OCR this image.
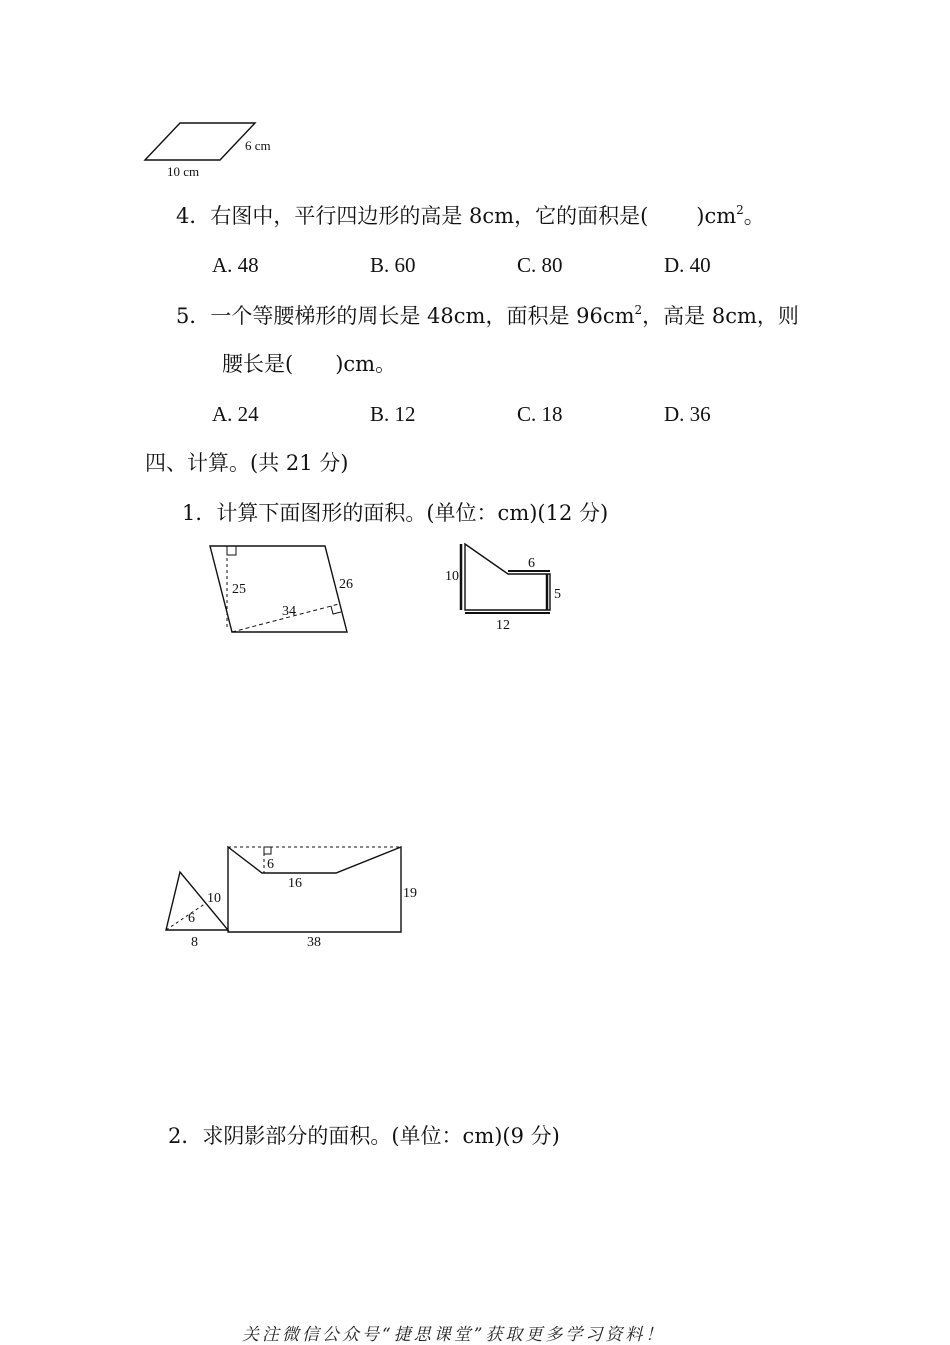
6 cm
10 cm
4．右图中，平行四边形的高是 8cm，它的面积是( )$cm^2$。
A. 48	B. 60	C. 80	D. 40
5．一个等腰梯形的周长是 48cm，面积是 $96cm^2$，高是 8cm，则
腰长是( )cm。
A. 24	B. 12	C. 18	D. 36
四、计算。(共 21 分)
1．计算下面图形的面积。(单位：cm)(12 分)
25	26
34
10
6
5
12
10
6
8
6
16
19
38
2．求阴影部分的面积。(单位：cm)(9 分)
关注微信公众号“捷思课堂”获取更多学习资料！
